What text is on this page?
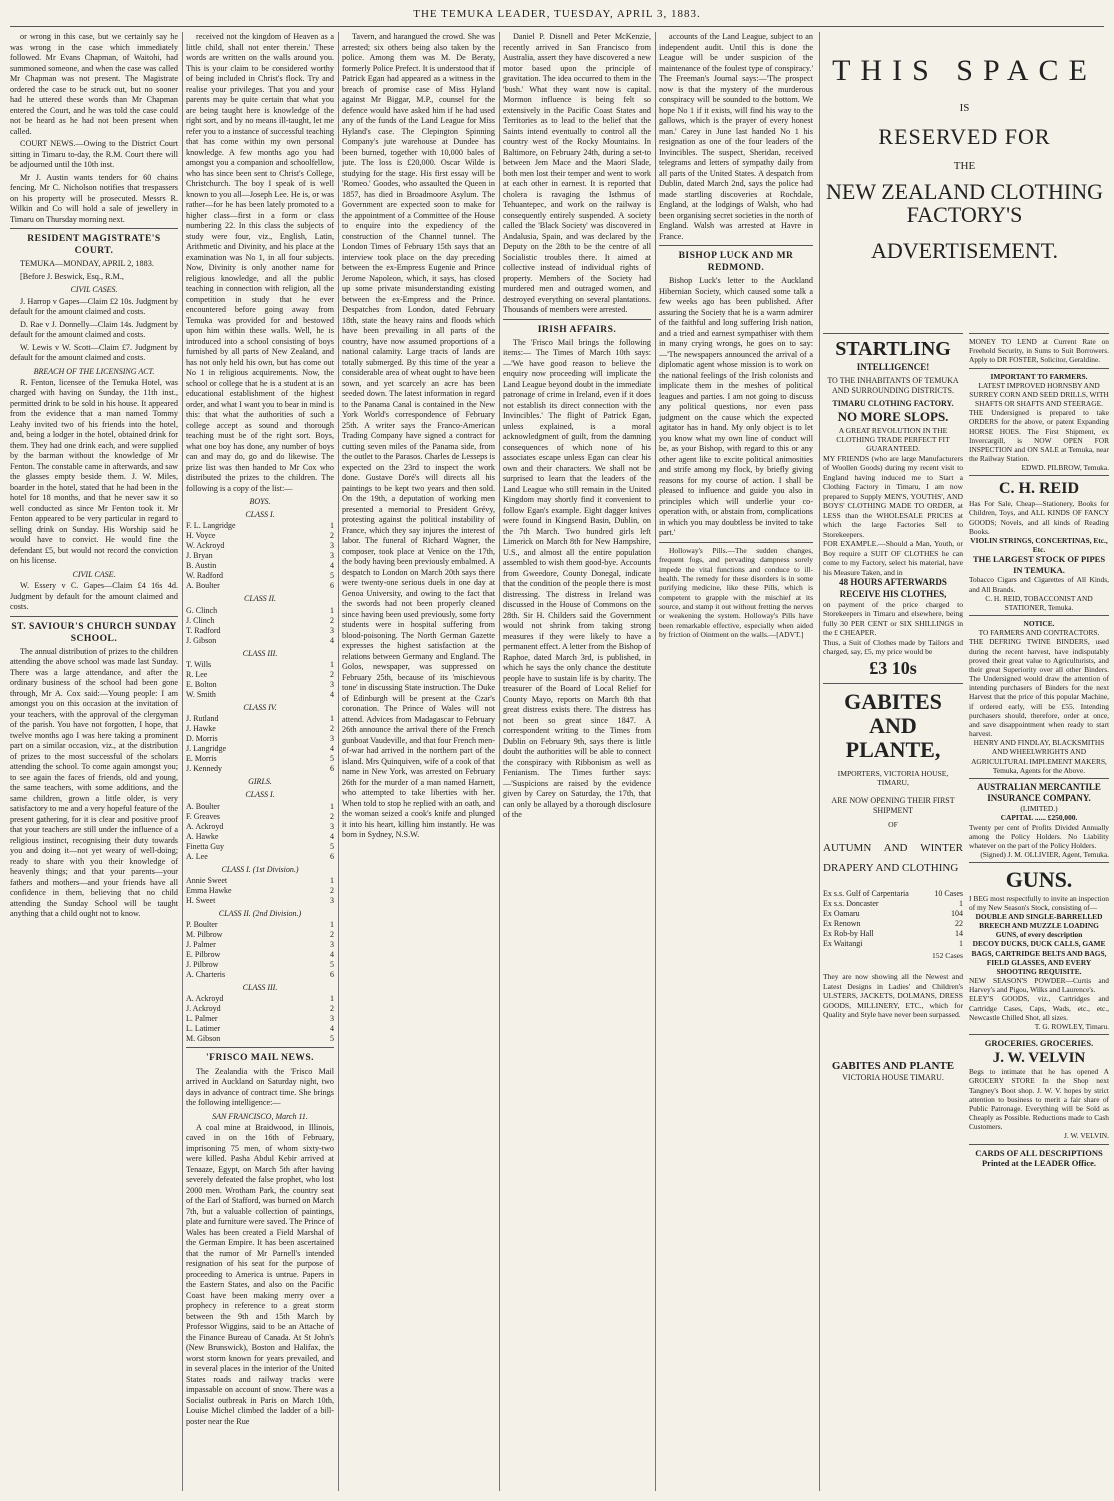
THE TEMUKA LEADER, TUESDAY, APRIL 3, 1883.

or wrong in this case, but we certainly say he was wrong in the case which immediately followed. Mr Evans Chapman, of Waitohi, had summoned someone, and when the case was called Mr Chapman was not present. The Magistrate ordered the case to be struck out, but no sooner had he uttered these words than Mr Chapman entered the Court, and he was told the case could not be heard as he had not been present when called.

COURT NEWS.—Owing to the District Court sitting in Timaru to-day, the R.M. Court there will be adjourned until the 10th inst.

Mr J. Austin wants tenders for 60 chains fencing. Mr C. Nicholson notifies that trespassers on his property will be prosecuted. Messrs R. Wilkin and Co will hold a sale of jewellery in Timaru on Thursday morning next.

RESIDENT MAGISTRATE'S COURT.

TEMUKA—MONDAY, APRIL 2, 1883.

[Before J. Beswick, Esq., R.M.,

CIVIL CASES.

J. Harrop v Gapes—Claim £2 10s. Judgment by default for the amount claimed and costs.

D. Rae v J. Donnelly—Claim 14s. Judgment by default for the amount claimed and costs.

W. Lewis v W. Scott—Claim £7. Judgment by default for the amount claimed and costs.

BREACH OF THE LICENSING ACT.

R. Fenton, licensee of the Temuka Hotel, was charged with having on Sunday, the 11th inst., permitted drink to be sold in his house. It appeared from the evidence that a man named Tommy Leahy invited two of his friends into the hotel, and, being a lodger in the hotel, obtained drink for them. They had one drink each, and were supplied by the barman without the knowledge of Mr Fenton. The constable came in afterwards, and saw the glasses empty beside them. J. W. Miles, boarder in the hotel, stated that he had been in the hotel for 18 months, and that he never saw it so well conducted as since Mr Fenton took it. Mr Fenton appeared to be very particular in regard to selling drink on Sunday. His Worship said he would have to convict. He would fine the defendant £5, but would not record the conviction on his license.

CIVIL CASE.

W. Essery v C. Gapes—Claim £4 16s 4d. Judgment by default for the amount claimed and costs.

ST. SAVIOUR'S CHURCH SUNDAY SCHOOL.

The annual distribution of prizes to the children attending the above school was made last Sunday. There was a large attendance, and after the ordinary business of the school had been gone through, Mr A. Cox said:—Young people: I am amongst you on this occasion at the invitation of your teachers, with the approval of the clergyman of the parish. You have not forgotten, I hope, that twelve months ago I was here taking a prominent part on a similar occasion, viz., at the distribution of prizes to the most successful of the scholars attending the school. To come again amongst you; to see again the faces of friends, old and young, the same teachers, with some additions, and the same children, grown a little older, is very satisfactory to me and a very hopeful feature of the present gathering, for it is clear and positive proof that your teachers are still under the influence of a religious instinct, recognising their duty towards you and doing it—not yet weary of well-doing; ready to share with you their knowledge of heavenly things; and that your parents—your fathers and mothers—and your friends have all confidence in them, believing that no child attending the Sunday School will be taught anything that a child ought not to know.

received not the kingdom of Heaven as a little child, shall not enter therein.' These words are written on the walls around you. This is your claim to be considered worthy of being included in Christ's flock. Try and realise your privileges. That you and your parents may be quite certain that what you are being taught here is knowledge of the right sort, and by no means ill-taught, let me refer you to a instance of successful teaching that has come within my own personal knowledge. A few months ago you had amongst you a companion and schoolfellow, who has since been sent to Christ's College, Christchurch. The boy I speak of is well known to you all—Joseph Lee. He is, or was rather—for he has been lately promoted to a higher class—first in a form or class numbering 22. In this class the subjects of study were four, viz., English, Latin, Arithmetic and Divinity, and his place at the examination was No 1, in all four subjects. Now, Divinity is only another name for religious knowledge, and all the public teaching in connection with religion, all the competition in study that he ever encountered before going away from Temuka was provided for and bestowed upon him within these walls. Well, he is introduced into a school consisting of boys furnished by all parts of New Zealand, and has not only held his own, but has come out No 1 in religious acquirements. Now, the school or college that he is a student at is an educational establishment of the highest order, and what I want you to bear in mind is this: that what the authorities of such a college accept as sound and thorough teaching must be of the right sort. Boys, what one boy has done, any number of boys can and may do, go and do likewise. The prize list was then handed to Mr Cox who distributed the prizes to the children. The following is a copy of the list:—

BOYS.
CLASS I.
F. L. Langridge	1
H. Voyce	2
W. Ackroyd	3
J. Bryan	3
B. Austin	4
W. Radford	5
A. Boulter	6
CLASS II.
G. Clinch	1
J. Clinch	2
T. Radford	3
J. Gibson	4
CLASS III.
T. Wills	1
R. Lee	2
E. Bolton	3
W. Smith	4
CLASS IV.
J. Rutland	1
J. Hawke	2
D. Morris	3
J. Langridge	4
E. Morris	5
J. Kennedy	6
GIRLS.
CLASS I.
A. Boulter	1
F. Greaves	2
A. Ackroyd	3
A. Hawke	4
Finetta Guy	5
A. Lee	6
CLASS I. (1st Division.)
Annie Sweet	1
Emma Hawke	2
H. Sweet	3
CLASS II. (2nd Division.)
P. Boulter	1
M. Pilbrow	2
J. Palmer	3
E. Pilbrow	4
J. Pilbrow	5
A. Charteris	6
CLASS III.
A. Ackroyd	1
J. Ackroyd	2
L. Palmer	3
L. Latimer	4
M. Gibson	5
'FRISCO MAIL NEWS.

The Zealandia with the 'Frisco Mail arrived in Auckland on Saturday night, two days in advance of contract time. She brings the following intelligence:—

SAN FRANCISCO, March 11.

A coal mine at Braidwood, in Illinois, caved in on the 16th of February, imprisoning 75 men, of whom sixty-two were killed. Pasha Abdul Kebir arrived at Tenaaze, Egypt, on March 5th after having severely defeated the false prophet, who lost 2000 men. Wrotham Park, the country seat of the Earl of Stafford, was burned on March 7th, but a valuable collection of paintings, plate and furniture were saved. The Prince of Wales has been created a Field Marshal of the German Empire. It has been ascertained that the rumor of Mr Parnell's intended resignation of his seat for the purpose of proceeding to America is untrue. Papers in the Eastern States, and also on the Pacific Coast have been making merry over a prophecy in reference to a great storm between the 9th and 15th March by Professor Wiggins, said to be an Attache of the Finance Bureau of Canada. At St John's (New Brunswick), Boston and Halifax, the worst storm known for years prevailed, and in several places in the interior of the United States roads and railway tracks were impassable on account of snow. There was a Socialist outbreak in Paris on March 10th, Louise Michel climbed the ladder of a bill-poster near the Rue

Tavern, and harangued the crowd. She was arrested; six others being also taken by the police. Among them was M. De Beraty, formerly Police Prefect. It is understood that if Patrick Egan had appeared as a witness in the breach of promise case of Miss Hyland against Mr Biggar, M.P., counsel for the defence would have asked him if he had used any of the funds of the Land League for Miss Hyland's case. The Clepington Spinning Company's jute warehouse at Dundee has been burned, together with 10,000 bales of jute. The loss is £20,000. Oscar Wilde is studying for the stage. His first essay will be 'Romeo.' Goodes, who assaulted the Queen in 1857, has died in Broadmoore Asylum. The Government are expected soon to make for the appointment of a Committee of the House to enquire into the expediency of the construction of the Channel tunnel. The London Times of February 15th says that an interview took place on the day preceding between the ex-Empress Eugenie and Prince Jerome Napoleon, which, it says, has closed up some private misunderstanding existing between the ex-Empress and the Prince. Despatches from London, dated February 18th, state the heavy rains and floods which have been prevailing in all parts of the country, have now assumed proportions of a national calamity. Large tracts of lands are totally submerged. By this time of the year a considerable area of wheat ought to have been sown, and yet scarcely an acre has been seeded down. The latest information in regard to the Panama Canal is contained in the New York World's correspondence of February 25th. A writer says the Franco-American Trading Company have signed a contract for cutting seven miles of the Panama side, from the outlet to the Parasos. Charles de Lesseps is expected on the 23rd to inspect the work done. Gustave Doré's will directs all his paintings to be kept two years and then sold. On the 19th, a deputation of working men presented a memorial to President Grévy, protesting against the political instability of France, which they say injures the interest of labor. The funeral of Richard Wagner, the composer, took place at Venice on the 17th, the body having been previously embalmed. A despatch to London on March 20th says there were twenty-one serious duels in one day at Genoa University, and owing to the fact that the swords had not been properly cleaned since having been used previously, some forty students were in hospital suffering from blood-poisoning. The North German Gazette expresses the highest satisfaction at the relations between Germany and England. The Golos, newspaper, was suppressed on February 25th, because of its 'mischievous tone' in discussing State instruction. The Duke of Edinburgh will be present at the Czar's coronation. The Prince of Wales will not attend. Advices from Madagascar to February 26th announce the arrival there of the French gunboat Vaudeville, and that four French men-of-war had arrived in the northern part of the island. Mrs Quinquiven, wife of a cook of that name in New York, was arrested on February 26th for the murder of a man named Harnett, who attempted to take liberties with her. When told to stop he replied with an oath, and the woman seized a cook's knife and plunged it into his heart, killing him instantly. He was born in Sydney, N.S.W.

Daniel P. Disnell and Peter McKenzie, recently arrived in San Francisco from Australia, assert they have discovered a new motor based upon the principle of gravitation. The idea occurred to them in the 'bush.' What they want now is capital. Mormon influence is being felt so extensively in the Pacific Coast States and Territories as to lead to the belief that the Saints intend eventually to control all the country west of the Rocky Mountains. In Baltimore, on February 24th, during a set-to between Jem Mace and the Maori Slade, both men lost their temper and went to work at each other in earnest. It is reported that cholera is ravaging the Isthmus of Tehuantepec, and work on the railway is consequently entirely suspended. A society called the 'Black Society' was discovered in Andalusia, Spain, and was declared by the Deputy on the 28th to be the centre of all Socialistic troubles there. It aimed at collective instead of individual rights of property. Members of the Society had murdered men and outraged women, and destroyed everything on several plantations. Thousands of members were arrested.

IRISH AFFAIRS.

The 'Frisco Mail brings the following items:— The Times of March 10th says:—'We have good reason to believe the enquiry now proceeding will implicate the Land League beyond doubt in the immediate patronage of crime in Ireland, even if it does not establish its direct connection with the Invincibles.' The flight of Patrick Egan, unless explained, is a moral acknowledgment of guilt, from the damning consequences of which none of his associates escape unless Egan can clear his own and their characters. We shall not be surprised to learn that the leaders of the Land League who still remain in the United Kingdom may shortly find it convenient to follow Egan's example. Eight dagger knives were found in Kingsend Basin, Dublin, on the 7th March. Two hundred girls left Limerick on March 8th for New Hampshire, U.S., and almost all the entire population assembled to wish them good-bye. Accounts from Gweedore, County Donegal, indicate that the condition of the people there is most distressing. The distress in Ireland was discussed in the House of Commons on the 28th. Sir H. Childers said the Government would not shrink from taking strong measures if they were likely to have a permanent effect. A letter from the Bishop of Raphoe, dated March 3rd, is published, in which he says the only chance the destitute people have to sustain life is by charity. The treasurer of the Board of Local Relief for County Mayo, reports on March 8th that great distress exists there. The distress has not been so great since 1847. A correspondent writing to the Times from Dublin on February 9th, says there is little doubt the authorities will be able to connect the conspiracy with Ribbonism as well as Fenianism. The Times further says:—'Suspicions are raised by the evidence given by Carey on Saturday, the 17th, that can only be allayed by a thorough disclosure of the

accounts of the Land League, subject to an independent audit. Until this is done the League will be under suspicion of the maintenance of the foulest type of conspiracy.' The Freeman's Journal says:—'The prospect now is that the mystery of the murderous conspiracy will be sounded to the bottom. We hope No 1 if it exists, will find his way to the gallows, which is the prayer of every honest man.' Carey in June last handed No 1 his resignation as one of the four leaders of the Invincibles. The suspect, Sheridan, received telegrams and letters of sympathy daily from all parts of the United States. A despatch from Dublin, dated March 2nd, says the police had made startling discoveries at Rochdale, England, at the lodgings of Walsh, who had been organising secret societies in the north of England. Walsh was arrested at Havre in France.

BISHOP LUCK AND MR REDMOND.

Bishop Luck's letter to the Auckland Hibernian Society, which caused some talk a few weeks ago has been published. After assuring the Society that he is a warm admirer of the faithful and long suffering Irish nation, and a tried and earnest sympathiser with them in many crying wrongs, he goes on to say:—'The newspapers announced the arrival of a diplomatic agent whose mission is to work on the national feelings of the Irish colonists and implicate them in the meshes of political leagues and parties. I am not going to discuss any political questions, nor even pass judgment on the cause which the expected agitator has in hand. My only object is to let you know what my own line of conduct will be, as your Bishop, with regard to this or any other agent like to excite political animosities and strife among my flock, by briefly giving reasons for my course of action. I shall be pleased to influence and guide you also in principles which will underlie your co-operation with, or abstain from, complications in which you may doubtless be invited to take part.'

Holloway's Pills.—The sudden changes, frequent fogs, and pervading dampness sorely impede the vital functions and conduce to ill-health. The remedy for these disorders is in some purifying medicine, like these Pills, which is competent to grapple with the mischief at its source, and stamp it out without fretting the nerves or weakening the system. Holloway's Pills have been remarkable effective, especially when aided by friction of Ointment on the walls.—[ADVT.]

THIS SPACE
IS
RESERVED FOR
THE
NEW ZEALAND CLOTHING
FACTORY'S
ADVERTISEMENT.
STARTLING
INTELLIGENCE!
TO THE INHABITANTS OF TEMUKA AND SURROUNDING DISTRICTS.
TIMARU CLOTHING FACTORY.
NO MORE SLOPS.
A GREAT REVOLUTION IN THE CLOTHING TRADE PERFECT FIT GUARANTEED.

MY FRIENDS (who are large Manufacturers of Woollen Goods) during my recent visit to England having induced me to Start a Clothing Factory in Timaru, I am now prepared to Supply MEN'S, YOUTHS', AND BOYS' CLOTHING MADE TO ORDER, at LESS than the WHOLESALE PRICES at which the large Factories Sell to Storekeepers.

FOR EXAMPLE.—Should a Man, Youth, or Boy require a SUIT OF CLOTHES he can come to my Factory, select his material, have his Measure Taken, and in

48 HOURS AFTERWARDS RECEIVE HIS CLOTHES,

on payment of the price charged to Storekeepers in Timaru and elsewhere, being fully 30 PER CENT or SIX SHILLINGS in the £ CHEAPER.

Thus, a Suit of Clothes made by Tailors and charged, say, £5, my price would be

£3 10s

GABITES AND PLANTE,
IMPORTERS, VICTORIA HOUSE, TIMARU,
ARE NOW OPENING THEIR FIRST SHIPMENT
OF
AUTUMN AND WINTER DRAPERY AND CLOTHING
Ex s.s. Gulf of Carpentaria	10 Cases
Ex s.s. Doncaster	1
Ex Oamaru	104
Ex Renown	22
Ex Rob-by Hall	14
Ex Waitangi	1
152 Cases

They are now showing all the Newest and Latest Designs in Ladies' and Children's ULSTERS, JACKETS, DOLMANS, DRESS GOODS, MILLINERY, ETC., which for Quality and Style have never been surpassed.

GABITES AND PLANTE
VICTORIA HOUSE TIMARU.

MONEY TO LEND at Current Rate on Freehold Security, in Sums to Suit Borrowers. Apply to DR FOSTER, Solicitor, Geraldine.

IMPORTANT TO FARMERS.
LATEST IMPROVED HORNSBY AND SURREY CORN AND SEED DRILLS, WITH SHAFTS OR SHAFTS AND STEERAGE.

THE Undersigned is prepared to take ORDERS for the above, or patent Expanding HORSE HOES. The First Shipment, ex Invercargill, is NOW OPEN FOR INSPECTION and ON SALE at Temuka, near the Railway Station.

EDWD. PILBROW, Temuka.
C. H. REID

Has For Sale, Cheap—Stationery, Books for Children, Toys, and ALL KINDS OF FANCY GOODS; Novels, and all kinds of Reading Books.

VIOLIN STRINGS, CONCERTINAS, Etc., Etc.
THE LARGEST STOCK OF PIPES IN TEMUKA.

Tobacco Cigars and Cigarettes of All Kinds, and All Brands.

C. H. REID, TOBACCONIST AND STATIONER, Temuka.
NOTICE.
TO FARMERS AND CONTRACTORS.

THE DEFRING TWINE BINDERS, used during the recent harvest, have indisputably proved their great value to Agriculturists, and their great Superiority over all other Binders. The Undersigned would draw the attention of intending purchasers of Binders for the next Harvest that the price of this popular Machine, if ordered early, will be £55. Intending purchasers should, therefore, order at once, and save disappointment when ready to start harvest.

HENRY AND FINDLAY, BLACKSMITHS AND WHEELWRIGHTS AND AGRICULTURAL IMPLEMENT MAKERS, Temuka, Agents for the Above.
AUSTRALIAN MERCANTILE INSURANCE COMPANY.
(LIMITED.)
CAPITAL ...... £250,000.

Twenty per cent of Profits Divided Annually among the Policy Holders. No Liability whatever on the part of the Policy Holders.

(Signed) J. M. OLLIVIER, Agent, Temuka.
GUNS.

I BEG most respectfully to invite an inspection of my New Season's Stock, consisting of—

DOUBLE AND SINGLE-BARRELLED BREECH AND MUZZLE LOADING GUNS, of every description
DECOY DUCKS, DUCK CALLS, GAME BAGS, CARTRIDGE BELTS AND BAGS, FIELD GLASSES, AND EVERY SHOOTING REQUISITE.

NEW SEASON'S POWDER—Curtis and Harvey's and Pigou, Wilks and Laurence's.

ELEY'S GOODS, viz., Cartridges and Cartridge Cases, Caps, Wads, etc., etc., Newcastle Chilled Shot, all sizes.

T. G. ROWLEY, Timaru.
GROCERIES. GROCERIES.
J. W. VELVIN

Begs to intimate that he has opened A GROCERY STORE In the Shop next Tangney's Boot shop. J. W. V. hopes by strict attention to business to merit a fair share of Public Patronage. Everything will be Sold as Cheaply as Possible. Reductions made to Cash Customers.

J. W. VELVIN.
CARDS OF ALL DESCRIPTIONS Printed at the LEADER Office.
